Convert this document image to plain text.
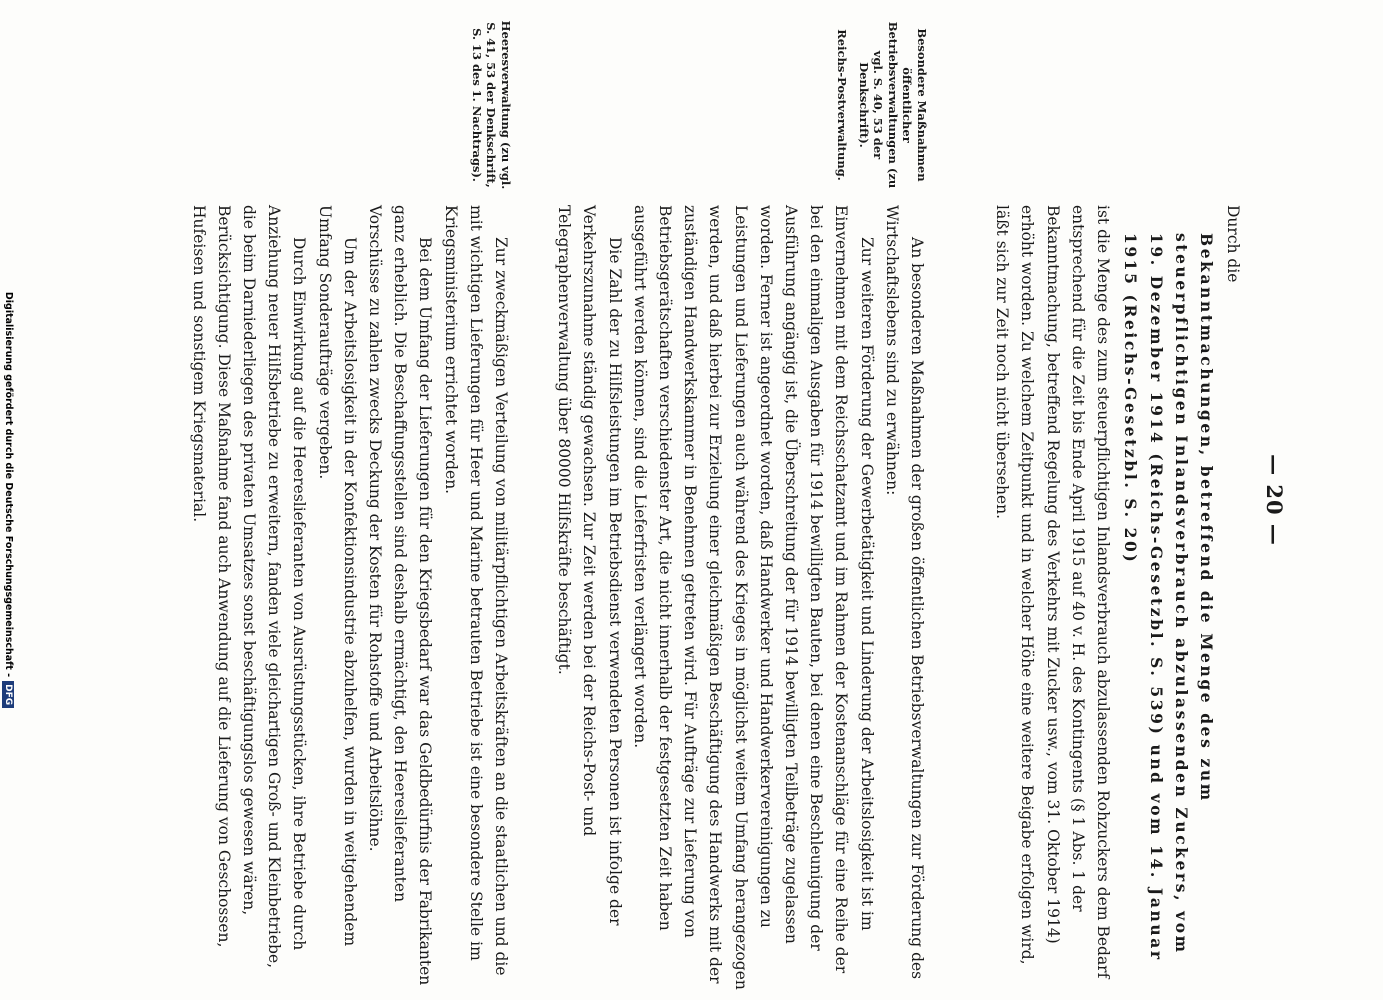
— 20 —

Durch die

Bekanntmachungen, betreffend die Menge des zum steuerpflichtigen Inlandsverbrauch abzulassenden Zuckers, vom 19. Dezember 1914 (Reichs-Gesetzbl. S. 539) und vom 14. Januar 1915 (Reichs-Gesetzbl. S. 20)

ist die Menge des zum steuerpflichtigen Inlandsverbrauch abzulassenden Rohzuckers dem Bedarf entsprechend für die Zeit bis Ende April 1915 auf 40 v. H. des Kontingents (§ 1 Abs. 1 der Bekanntmachung, betreffend Regelung des Verkehrs mit Zucker usw., vom 31. Oktober 1914) erhöht worden. Zu welchem Zeitpunkt und in welcher Höhe eine weitere Beigabe erfolgen wird, läßt sich zur Zeit noch nicht übersehen.

Besondere Maßnahmen öffentlicher Betriebsverwaltungen (zu vgl. S. 40, 53 der Denkschrift).

Reichs-Postverwaltung.

An besonderen Maßnahmen der großen öffentlichen Betriebsverwaltungen zur Förderung des Wirtschaftslebens sind zu erwähnen:

Zur weiteren Förderung der Gewerbetätigkeit und Linderung der Arbeitslosigkeit ist im Einvernehmen mit dem Reichsschatzamt und im Rahmen der Kostenanschläge für eine Reihe der bei den einmaligen Ausgaben für 1914 bewilligten Bauten, bei denen eine Beschleunigung der Ausführung angängig ist, die Überschreitung der für 1914 bewilligten Teilbeträge zugelassen worden. Ferner ist angeordnet worden, daß Handwerker und Handwerkervereinigungen zu Leistungen und Lieferungen auch während des Krieges in möglichst weitem Umfang herangezogen werden, und daß hierbei zur Erzielung einer gleichmäßigen Beschäftigung des Handwerks mit der zuständigen Handwerkskammer in Benehmen getreten wird. Für Aufträge zur Lieferung von Betriebsgerätschaften verschiedenster Art, die nicht innerhalb der festgesetzten Zeit haben ausgeführt werden können, sind die Lieferfristen verlängert worden.

Die Zahl der zu Hilfsleistungen im Betriebsdienst verwendeten Personen ist infolge der Verkehrszunahme ständig gewachsen. Zur Zeit werden bei der Reichs-Post- und Telegraphenverwaltung über 80000 Hilfskräfte beschäftigt.

Heeresverwaltung (zu vgl. S. 41, 53 der Denkschrift, S. 13 des 1. Nachtrags).

Zur zweckmäßigen Verteilung von militärpflichtigen Arbeitskräften an die staatlichen und die mit wichtigen Lieferungen für Heer und Marine betrauten Betriebe ist eine besondere Stelle im Kriegsministerium errichtet worden.

Bei dem Umfang der Lieferungen für den Kriegsbedarf war das Geldbedürfnis der Fabrikanten ganz erheblich. Die Beschaffungsstellen sind deshalb ermächtigt, den Heereslieferanten Vorschüsse zu zahlen zwecks Deckung der Kosten für Rohstoffe und Arbeitslöhne.

Um der Arbeitslosigkeit in der Konfektionsindustrie abzuhelfen, wurden in weitgehendem Umfang Sonderaufträge vergeben.

Durch Einwirkung auf die Heereslieferanten von Ausrüstungsstücken, ihre Betriebe durch Anziehung neuer Hilfsbetriebe zu erweitern, fanden viele gleichartigen Groß- und Kleinbetriebe, die beim Darniederliegen des privaten Umsatzes sonst beschäftigungslos gewesen wären, Berücksichtigung. Diese Maßnahme fand auch Anwendung auf die Lieferung von Geschossen, Hufeisen und sonstigem Kriegsmaterial.

Digitalisierung gefördert durch die Deutsche Forschungsgemeinschaft -DFG
